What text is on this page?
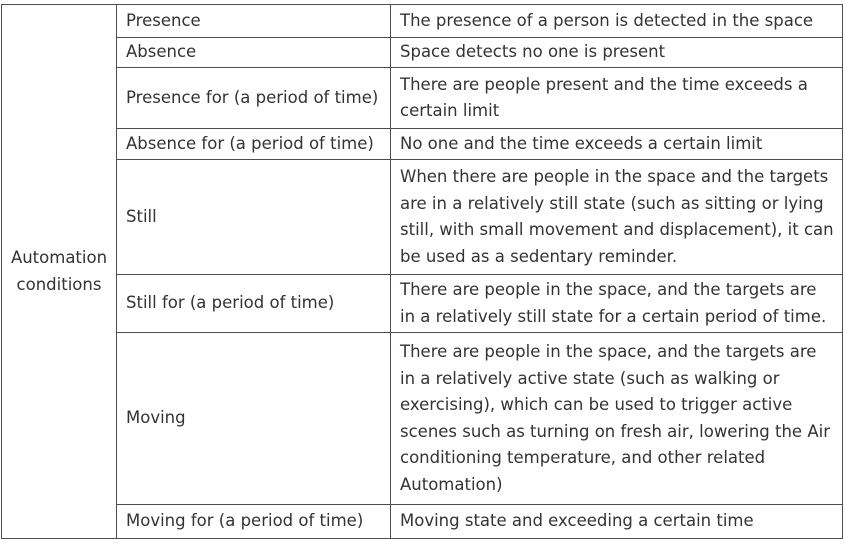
Automation conditions	Presence	The presence of a person is detected in the space
	Absence	Space detects no one is present
	Presence for (a period of time)	There are people present and the time exceeds a certain limit
	Absence for (a period of time)	No one and the time exceeds a certain limit
	Still	When there are people in the space and the targets are in a relatively still state (such as sitting or lying still, with small movement and displacement), it can be used as a sedentary reminder.
	Still for (a period of time)	There are people in the space, and the targets are in a relatively still state for a certain period of time.
	Moving	There are people in the space, and the targets are in a relatively active state (such as walking or exercising), which can be used to trigger active scenes such as turning on fresh air, lowering the Air conditioning temperature, and other related Automation)
	Moving for (a period of time)	Moving state and exceeding a certain time
